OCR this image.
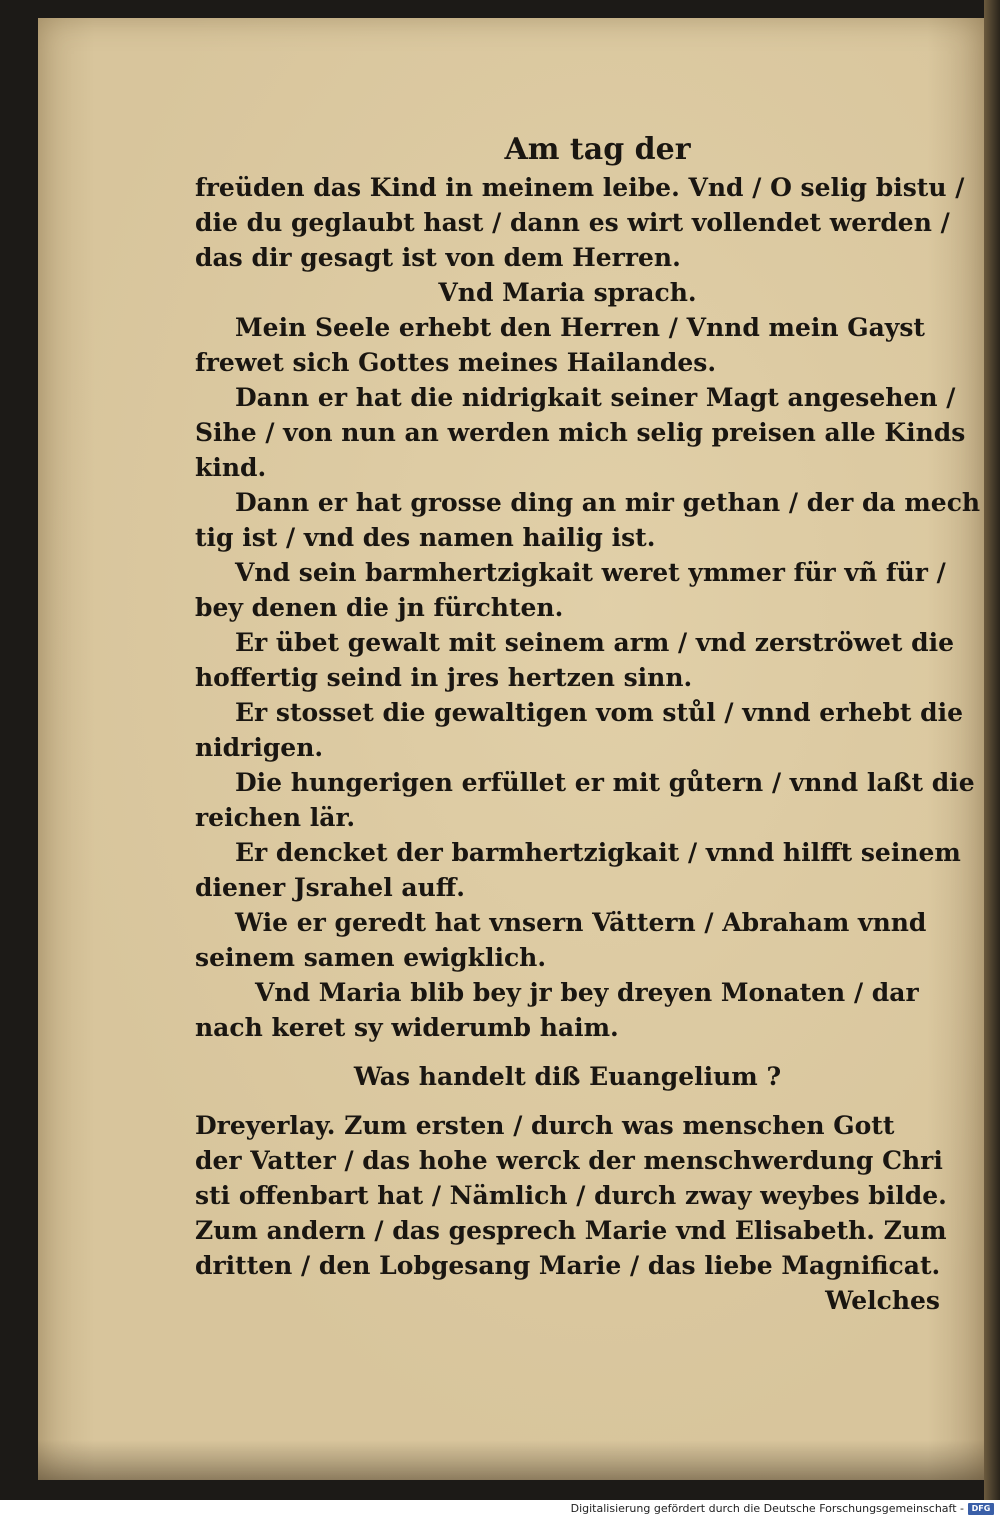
Am tag der
freüden das Kind in meinem leibe. Vnd / O selig bistu /
die du geglaubt hast / dann es wirt vollendet werden /
das dir gesagt ist von dem Herren.
Vnd Maria sprach.
Mein Seele erhebt den Herren / Vnnd mein Gayst
frewet sich Gottes meines Hailandes.
Dann er hat die nidrigkait seiner Magt angesehen /
Sihe / von nun an werden mich selig preisen alle Kinds
kind.
Dann er hat grosse ding an mir gethan / der da mech
tig ist / vnd des namen hailig ist.
Vnd sein barmhertzigkait weret ymmer für vñ für /
bey denen die jn fürchten.
Er übet gewalt mit seinem arm / vnd zerströwet die
hoffertig seind in jres hertzen sinn.
Er stosset die gewaltigen vom stůl / vnnd erhebt die
nidrigen.
Die hungerigen erfüllet er mit gůtern / vnnd laßt die
reichen lär.
Er dencket der barmhertzigkait / vnnd hilfft seinem
diener Jsrahel auff.
Wie er geredt hat vnsern Vättern / Abraham vnnd
seinem samen ewigklich.
Vnd Maria blib bey jr bey dreyen Monaten / dar
nach keret sy widerumb haim.
Was handelt diß Euangelium ?
Dreyerlay. Zum ersten / durch was menschen Gott
der Vatter / das hohe werck der menschwerdung Chri
sti offenbart hat / Nämlich / durch zway weybes bilde.
Zum andern / das gesprech Marie vnd Elisabeth. Zum
dritten / den Lobgesang Marie / das liebe Magnificat.
Welches
Digitalisierung gefördert durch die Deutsche Forschungsgemeinschaft - DFG
